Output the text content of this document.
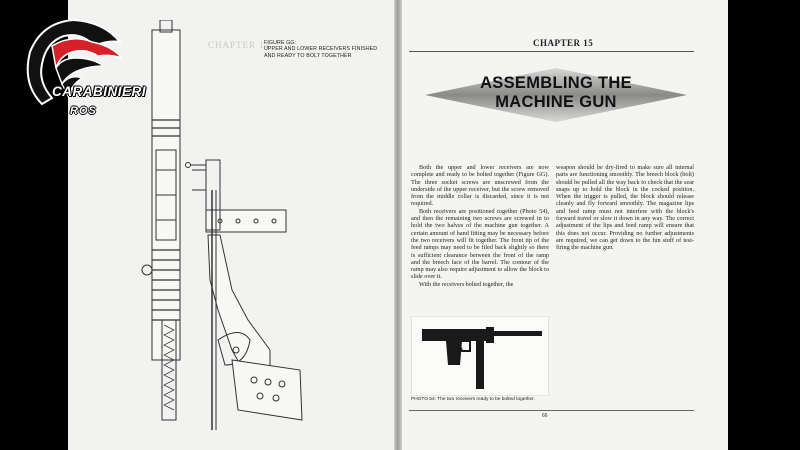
CHAPTER 14
FIGURE GG:
UPPER AND LOWER RECEIVERS FINISHED
AND READY TO BOLT TOGETHER
CHAPTER 15
ASSEMBLING THE
MACHINE GUN

Both the upper and lower receivers are now complete and ready to be bolted together (Figure GG). The three socket screws are unscrewed from the underside of the upper receiver, but the screw removed from the middle collar is discarded, since it is not required.

Both receivers are positioned together (Photo 54), and then the remaining two screws are screwed in to hold the two halves of the machine gun together. A certain amount of hand fitting may be necessary before the two receivers will fit together. The front tip of the feed ramps may need to be filed back slightly so there is sufficient clearance between the front of the ramp and the breech face of the barrel. The contour of the ramp may also require adjustment to allow the block to slide over it.

With the receivers bolted together, the

weapon should be dry-fired to make sure all internal parts are functioning smoothly. The breech block (bolt) should be pulled all the way back to check that the sear snaps up to hold the block in the cocked position. When the trigger is pulled, the block should release cleanly and fly forward smoothly. The magazine lips and feed ramp must not interfere with the block's forward travel or slow it down in any way. The correct adjustment of the lips and feed ramp will ensure that this does not occur. Providing no further adjustments are required, we can get down to the fun stuff of test-firing the machine gun.

PHOTO 54: The two receivers ready to be bolted together.
66
CARABINIERI
ROS
